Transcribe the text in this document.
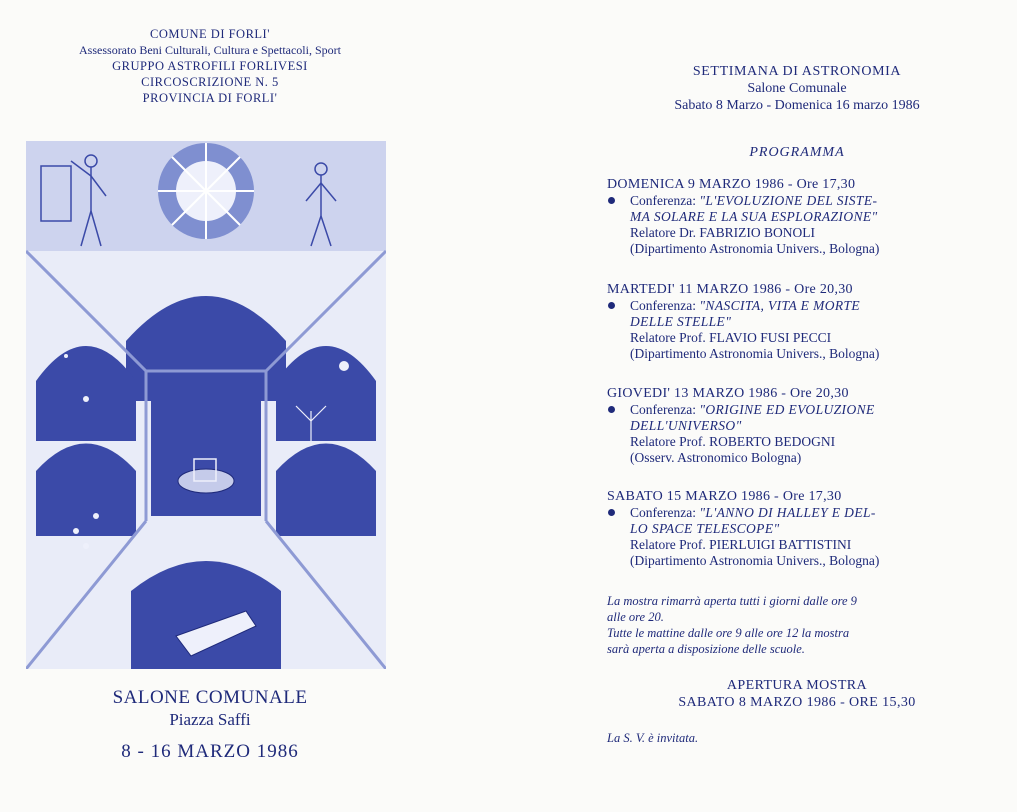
COMUNE DI FORLI'
Assessorato Beni Culturali, Cultura e Spettacoli, Sport
GRUPPO ASTROFILI FORLIVESI
CIRCOSCRIZIONE N. 5
PROVINCIA DI FORLI'
SALONE COMUNALE
Piazza Saffi
8 - 16 MARZO 1986
SETTIMANA DI ASTRONOMIA
Salone Comunale
Sabato 8 Marzo - Domenica 16 marzo 1986
PROGRAMMA
DOMENICA 9 MARZO 1986 - Ore 17,30
Conferenza: "L'EVOLUZIONE DEL SISTE-
MA SOLARE E LA SUA ESPLORAZIONE"
Relatore Dr. FABRIZIO BONOLI
(Dipartimento Astronomia Univers., Bologna)
MARTEDI' 11 MARZO 1986 - Ore 20,30
Conferenza: "NASCITA, VITA E MORTE
DELLE STELLE"
Relatore Prof. FLAVIO FUSI PECCI
(Dipartimento Astronomia Univers., Bologna)
GIOVEDI' 13 MARZO 1986 - Ore 20,30
Conferenza: "ORIGINE ED EVOLUZIONE
DELL'UNIVERSO"
Relatore Prof. ROBERTO BEDOGNI
(Osserv. Astronomico Bologna)
SABATO 15 MARZO 1986 - Ore 17,30
Conferenza: "L'ANNO DI HALLEY E DEL-
LO SPACE TELESCOPE"
Relatore Prof. PIERLUIGI BATTISTINI
(Dipartimento Astronomia Univers., Bologna)
La mostra rimarrà aperta tutti i giorni dalle ore 9
alle ore 20.
Tutte le mattine dalle ore 9 alle ore 12 la mostra
sarà aperta a disposizione delle scuole.
APERTURA MOSTRA
SABATO 8 MARZO 1986 - ORE 15,30
La S. V. è invitata.
